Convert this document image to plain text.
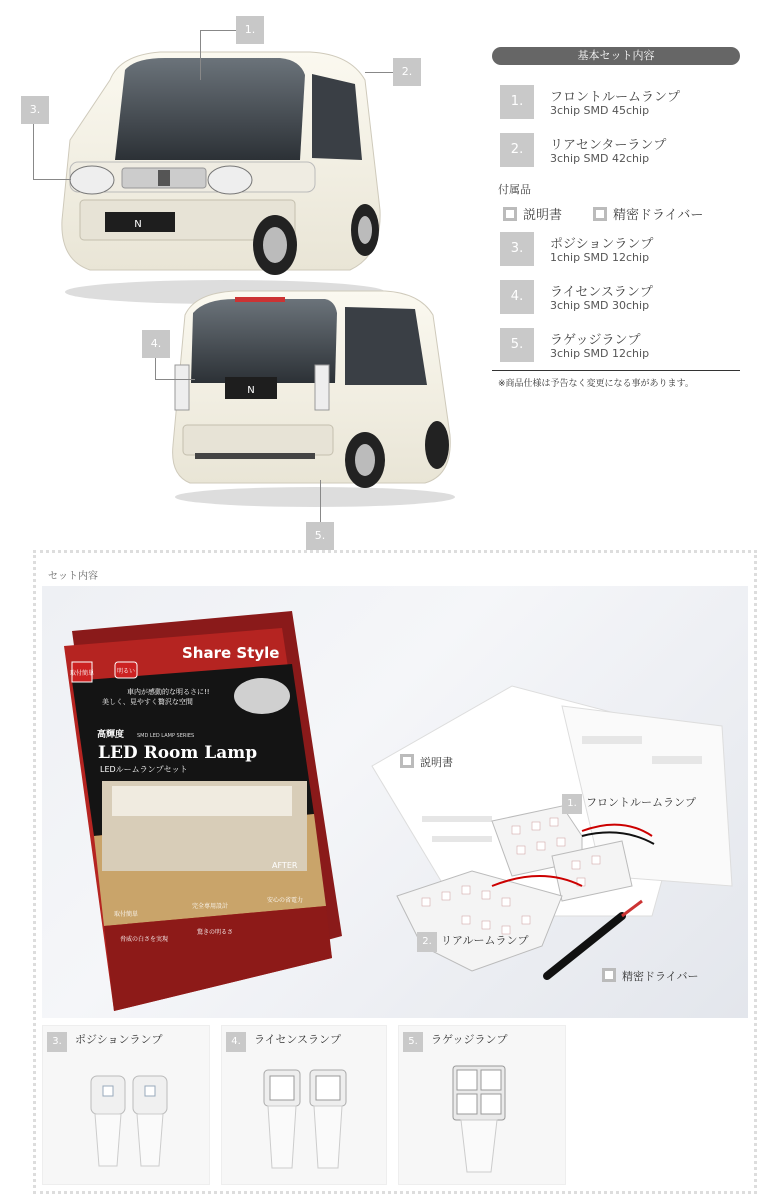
N
N
1.
2.
3.
4.
5.
基本セット内容
1.	フロントルームランプ
3chip SMD 45chip
2.	リアセンターランプ
3chip SMD 42chip
付属品
説明書	精密ドライバー
3.	ポジションランプ
1chip SMD 12chip
4.	ライセンスランプ
3chip SMD 30chip
5.	ラゲッジランプ
3chip SMD 12chip
※商品仕様は予告なく変更になる事があります。
セット内容
Share Style
取付簡単	明るい
車内が感動的な明るさに!!
美しく、見やすく贅沢な空間
高輝度	SMD LED LAMP SERIES
LED Room Lamp
LEDルームランプセット
AFTER
取付簡単
完全専用設計
安心の省電力
脅威の白さを実現
驚きの明るさ
説明書
1. フロントルームランプ
2. リアルームランプ
精密ドライバー
3.	ポジションランプ	4.	ライセンスランプ	5.	ラゲッジランプ
